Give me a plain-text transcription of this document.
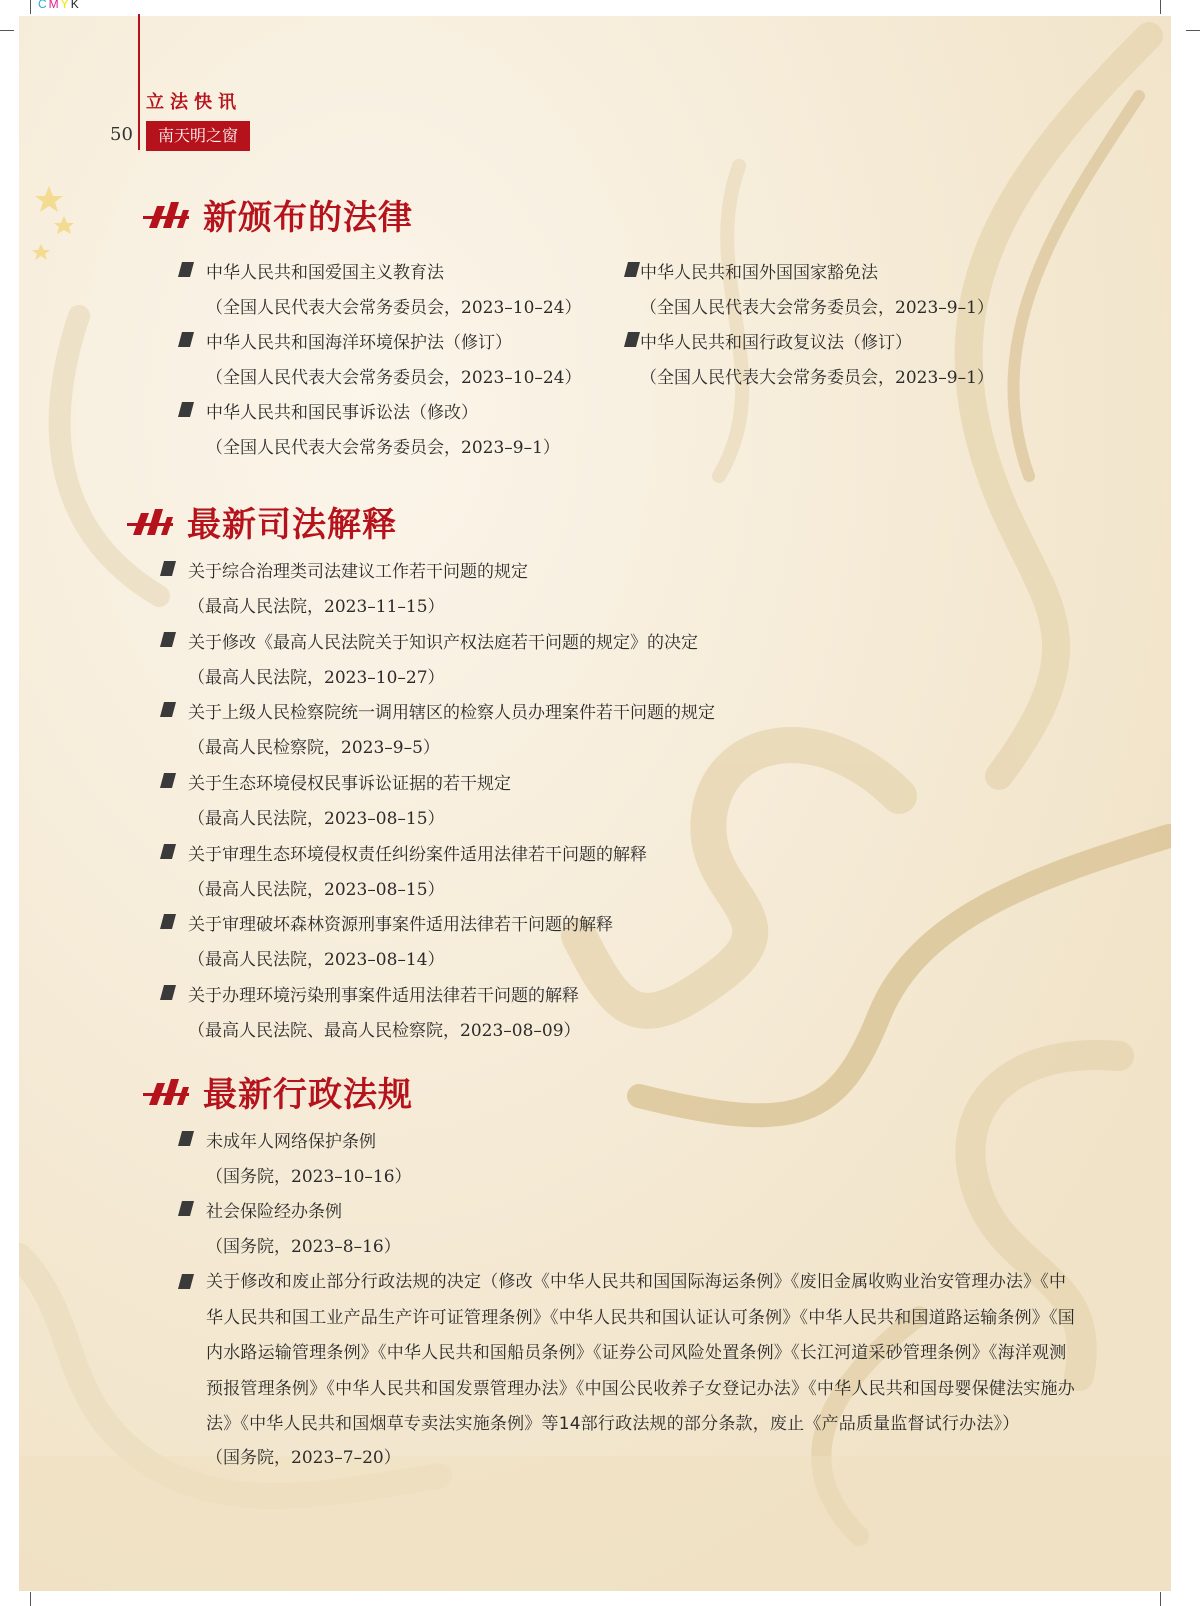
CMYK
立法快讯
50	南天明之窗
新颁布的法律
中华人民共和国爱国主义教育法
（全国人民代表大会常务委员会，2023–10–24）
中华人民共和国外国国家豁免法
（全国人民代表大会常务委员会，2023–9–1）
中华人民共和国海洋环境保护法（修订）
（全国人民代表大会常务委员会，2023–10–24）
中华人民共和国行政复议法（修订）
（全国人民代表大会常务委员会，2023–9–1）
中华人民共和国民事诉讼法（修改）
（全国人民代表大会常务委员会，2023–9–1）
最新司法解释
关于综合治理类司法建议工作若干问题的规定
（最高人民法院，2023–11–15）
关于修改《最高人民法院关于知识产权法庭若干问题的规定》的决定
（最高人民法院，2023–10–27）
关于上级人民检察院统一调用辖区的检察人员办理案件若干问题的规定
（最高人民检察院，2023–9–5）
关于生态环境侵权民事诉讼证据的若干规定
（最高人民法院，2023–08–15）
关于审理生态环境侵权责任纠纷案件适用法律若干问题的解释
（最高人民法院，2023–08–15）
关于审理破坏森林资源刑事案件适用法律若干问题的解释
（最高人民法院，2023–08–14）
关于办理环境污染刑事案件适用法律若干问题的解释
（最高人民法院、最高人民检察院，2023–08–09）
最新行政法规
未成年人网络保护条例
（国务院，2023–10–16）
社会保险经办条例
（国务院，2023–8–16）
关于修改和废止部分行政法规的决定（修改《中华人民共和国国际海运条例》《废旧金属收购业治安管理办法》《中华人民共和国工业产品生产许可证管理条例》《中华人民共和国认证认可条例》《中华人民共和国道路运输条例》《国内水路运输管理条例》《中华人民共和国船员条例》《证券公司风险处置条例》《长江河道采砂管理条例》《海洋观测预报管理条例》《中华人民共和国发票管理办法》《中国公民收养子女登记办法》《中华人民共和国母婴保健法实施办法》《中华人民共和国烟草专卖法实施条例》等14部行政法规的部分条款，废止《产品质量监督试行办法》）
（国务院，2023–7–20）
